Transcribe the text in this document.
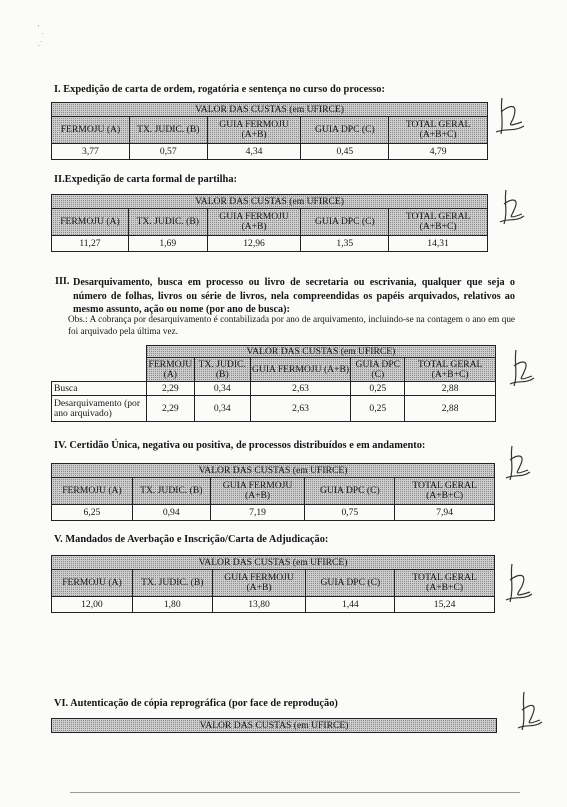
'
˙
.˙
I. Expedição de carta de ordem, rogatória e sentença no curso do processo:
VALOR DAS CUSTAS (em UFIRCE)				
FERMOJU (A)	TX. JUDIC. (B)	GUIA FERMOJU (A+B)	GUIA DPC (C)	TOTAL GERAL (A+B+C)
3,77	0,57	4,34	0,45	4,79
II.Expedição de carta formal de partilha:
VALOR DAS CUSTAS (em UFIRCE)				
FERMOJU (A)	TX. JUDIC. (B)	GUIA FERMOJU (A+B)	GUIA DPC (C)	TOTAL GERAL (A+B+C)
11,27	1,69	12,96	1,35	14,31
III. Desarquivamento, busca em processo ou livro de secretaria ou escrivania, qualquer que seja o número de folhas, livros ou série de livros, nela compreendidas os papéis arquivados, relativos ao mesmo assunto, ação ou nome (por ano de busca):
Obs.: A cobrança por desarquivamento é contabilizada por ano de arquivamento, incluindo-se na contagem o ano em que foi arquivado pela última vez.
	VALOR DAS CUSTAS (em UFIRCE)				
	FERMOJU (A)	TX. JUDIC. (B)	GUIA FERMOJU (A+B)	GUIA DPC (C)	TOTAL GERAL (A+B+C)
Busca	2,29	0,34	2,63	0,25	2,88
Desarquivamento (por ano arquivado)	2,29	0,34	2,63	0,25	2,88
IV. Certidão Única, negativa ou positiva, de processos distribuídos e em andamento:
VALOR DAS CUSTAS (em UFIRCE)				
FERMOJU (A)	TX. JUDIC. (B)	GUIA FERMOJU (A+B)	GUIA DPC (C)	TOTAL GERAL (A+B+C)
6,25	0,94	7,19	0,75	7,94
V. Mandados de Averbação e Inscrição/Carta de Adjudicação:
VALOR DAS CUSTAS (em UFIRCE)				
FERMOJU (A)	TX. JUDIC. (B)	GUIA FERMOJU (A+B)	GUIA DPC (C)	TOTAL GERAL (A+B+C)
12,00	1,80	13,80	1,44	15,24
VI. Autenticação de cópia reprográfica (por face de reprodução)
VALOR DAS CUSTAS (em UFIRCE)
